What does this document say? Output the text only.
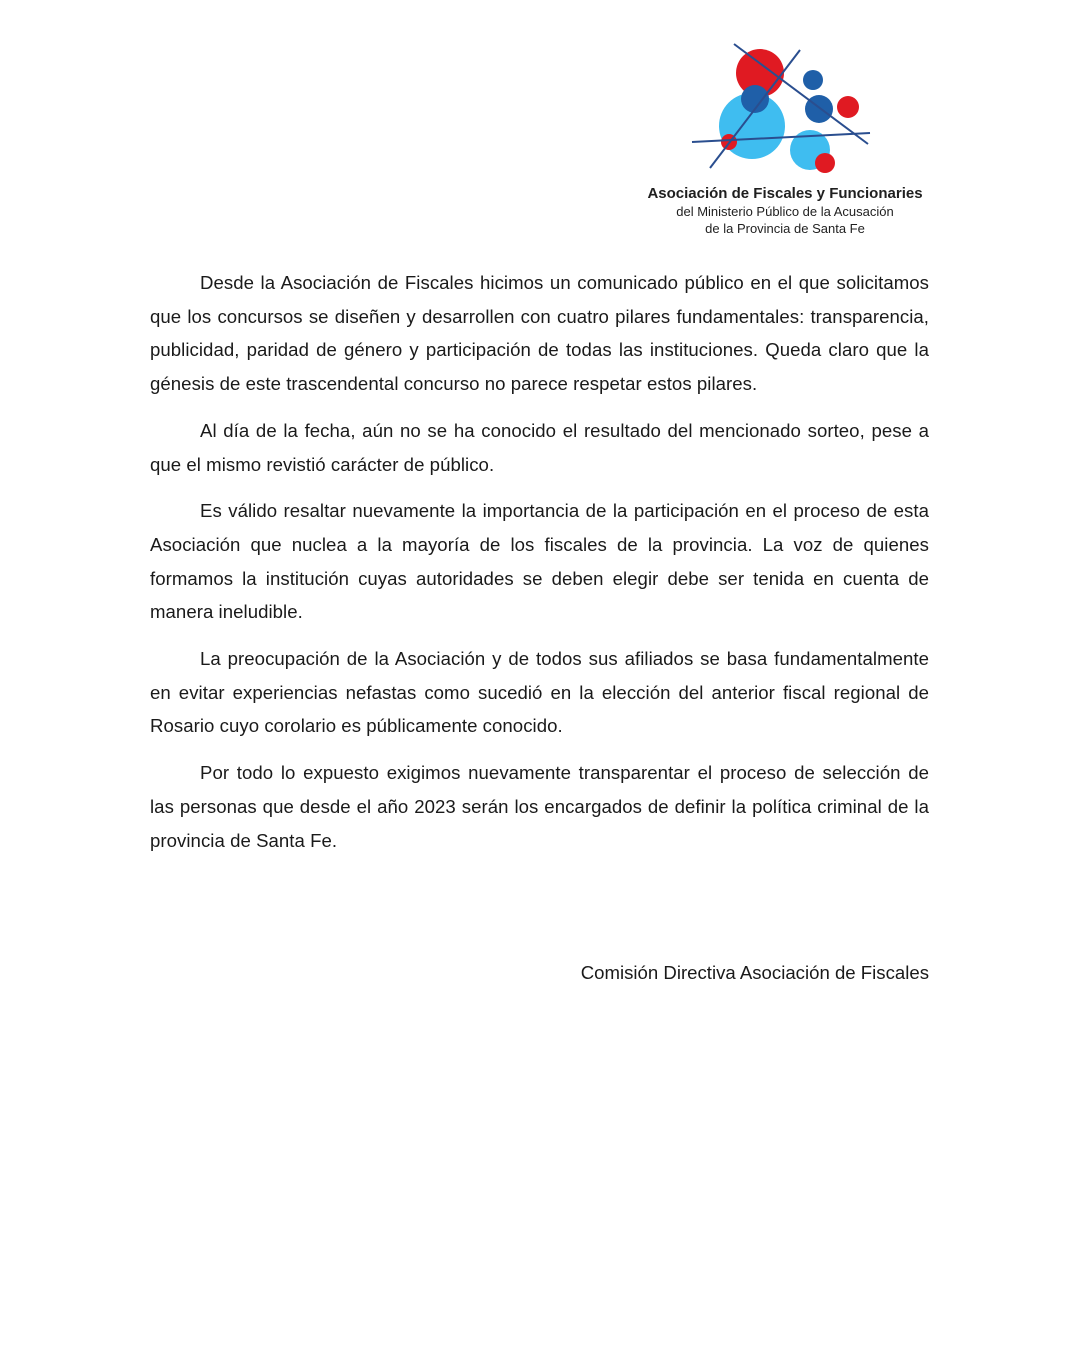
Asociación de Fiscales y Funcionaries
del Ministerio Público de la Acusación
de la Provincia de Santa Fe

Desde la Asociación de Fiscales hicimos un comunicado público en el que solicitamos que los concursos se diseñen y desarrollen con cuatro pilares fundamentales: transparencia, publicidad, paridad de género y participación de todas las instituciones. Queda claro que la génesis de este trascendental concurso no parece respetar estos pilares.

Al día de la fecha, aún no se ha conocido el resultado del mencionado sorteo, pese a que el mismo revistió carácter de público.

Es válido resaltar nuevamente la importancia de la participación en el proceso de esta Asociación que nuclea a la mayoría de los fiscales de la provincia. La voz de quienes formamos la institución cuyas autoridades se deben elegir debe ser tenida en cuenta de manera ineludible.

La preocupación de la Asociación y de todos sus afiliados se basa fundamentalmente en evitar experiencias nefastas como sucedió en la elección del anterior fiscal regional de Rosario cuyo corolario es públicamente conocido.

Por todo lo expuesto exigimos nuevamente transparentar el proceso de selección de las personas que desde el año 2023 serán los encargados de definir la política criminal de la provincia de Santa Fe.

Comisión Directiva Asociación de Fiscales
